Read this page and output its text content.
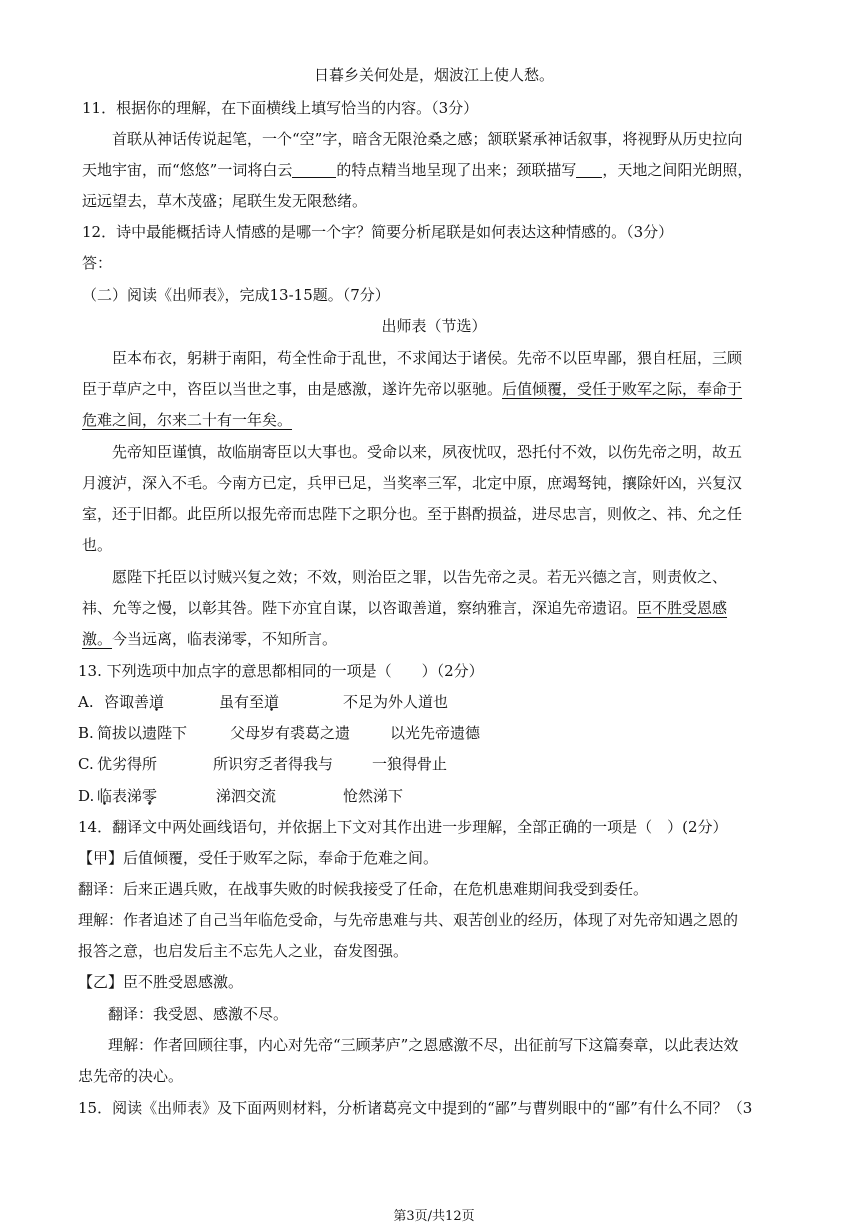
日暮乡关何处是，烟波江上使人愁。
11．根据你的理解，在下面横线上填写恰当的内容。（3分）
首联从神话传说起笔，一个“空”字，暗含无限沧桑之感；颔联紧承神话叙事，将视野从历史拉向
天地宇宙，而“悠悠”一词将白云	的特点精当地呈现了出来；颈联描写 ，天地之间阳光朗照，
远远望去，草木茂盛；尾联生发无限愁绪。
12．诗中最能概括诗人情感的是哪一个字？简要分析尾联是如何表达这种情感的。（3分）
答：
（二）阅读《出师表》，完成13-15题。（7分）
出师表（节选）
臣本布衣，躬耕于南阳，苟全性命于乱世，不求闻达于诸侯。先帝不以臣卑鄙，猥自枉屈，三顾
臣于草庐之中，咨臣以当世之事，由是感激，遂许先帝以驱驰。后值倾覆，受任于败军之际，奉命于
危难之间，尔来二十有一年矣。
先帝知臣谨慎，故临崩寄臣以大事也。受命以来，夙夜忧叹，恐托付不效，以伤先帝之明，故五
月渡泸，深入不毛。今南方已定，兵甲已足，当奖率三军，北定中原，庶竭驽钝，攘除奸凶，兴复汉
室，还于旧都。此臣所以报先帝而忠陛下之职分也。至于斟酌损益，进尽忠言，则攸之、祎、允之任
也。
愿陛下托臣以讨贼兴复之效；不效，则治臣之罪，以告先帝之灵。若无兴德之言，则责攸之、
祎、允等之慢，以彰其咎。陛下亦宜自谋，以咨诹善道，察纳雅言，深追先帝遗诏。臣不胜受恩感
激。今当远离，临表涕零，不知所言。
13. 下列选项中加点字的意思都相同的一项是（　　）（2分）
A. 咨诹善道	虽有至道	不足为外人道也
B. 简拔以遗陛下	父母岁有裘葛之遗	以光先帝遗德
C. 优劣得所	所识穷乏者得我与	一狼得骨止
D. 临表涕零	涕泗交流	怆然涕下
14．翻译文中两处画线语句，并依据上下文对其作出进一步理解，全部正确的一项是（　）(2分）
【甲】后值倾覆，受任于败军之际，奉命于危难之间。
翻译：后来正遇兵败，在战事失败的时候我接受了任命，在危机患难期间我受到委任。
理解：作者追述了自己当年临危受命，与先帝患难与共、艰苦创业的经历，体现了对先帝知遇之恩的
报答之意，也启发后主不忘先人之业，奋发图强。
【乙】臣不胜受恩感激。
翻译：我受恩、感激不尽。
理解：作者回顾往事，内心对先帝“三顾茅庐”之恩感激不尽，出征前写下这篇奏章，以此表达效
忠先帝的决心。
15．阅读《出师表》及下面两则材料，分析诸葛亮文中提到的“鄙”与曹刿眼中的“鄙”有什么不同？（3
第3页/共12页
